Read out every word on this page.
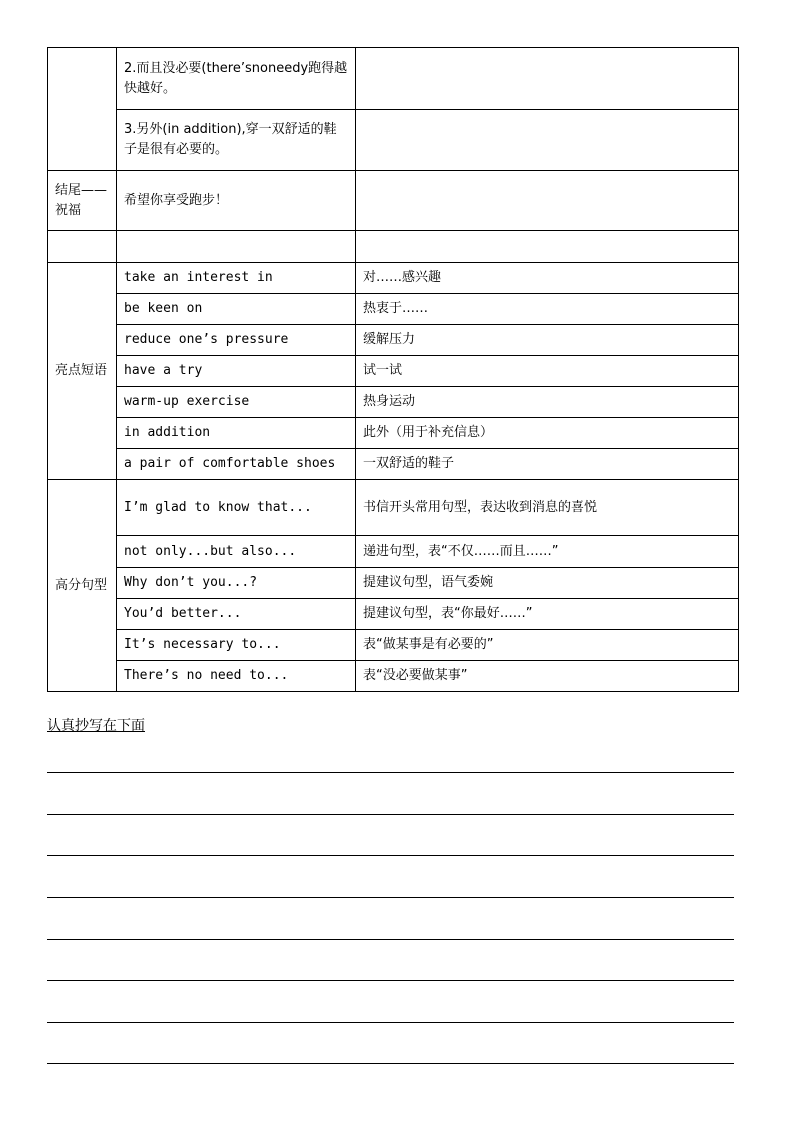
	2.而且没必要(there’snoneedy跑得越快越好。	
	3.另外(in addition),穿一双舒适的鞋子是很有必要的。	
结尾——祝福	希望你享受跑步！	

亮点短语	take an interest in	对……感兴趣
	be keen on	热衷于……
	reduce one’s pressure	缓解压力
	have a try	试一试
	warm-up exercise	热身运动
	in addition	此外（用于补充信息）
	a pair of comfortable shoes	一双舒适的鞋子
高分句型	I’m glad to know that...	书信开头常用句型，表达收到消息的喜悦
	not only...but also...	递进句型，表“不仅……而且……”
	Why don’t you...?	提建议句型，语气委婉
	You’d better...	提建议句型，表“你最好……”
	It’s necessary to...	表“做某事是有必要的”
	There’s no need to...	表“没必要做某事”
认真抄写在下面
